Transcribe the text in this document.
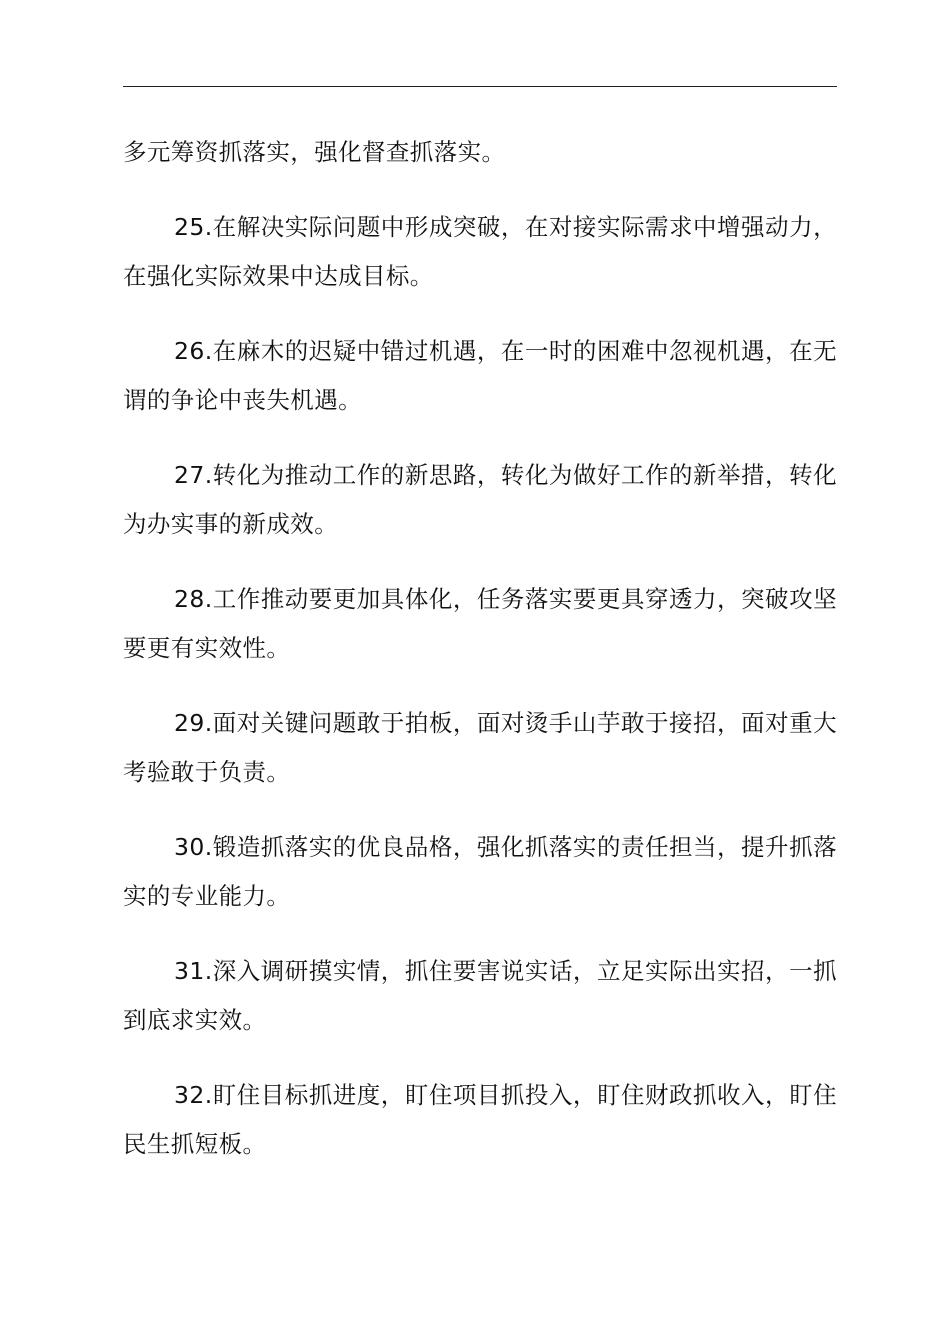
多元筹资抓落实，强化督查抓落实。

25.在解决实际问题中形成突破，在对接实际需求中增强动力，在强化实际效果中达成目标。

26.在麻木的迟疑中错过机遇，在一时的困难中忽视机遇，在无谓的争论中丧失机遇。

27.转化为推动工作的新思路，转化为做好工作的新举措，转化为办实事的新成效。

28.工作推动要更加具体化，任务落实要更具穿透力，突破攻坚要更有实效性。

29.面对关键问题敢于拍板，面对烫手山芋敢于接招，面对重大考验敢于负责。

30.锻造抓落实的优良品格，强化抓落实的责任担当，提升抓落实的专业能力。

31.深入调研摸实情，抓住要害说实话，立足实际出实招，一抓到底求实效。

32.盯住目标抓进度，盯住项目抓投入，盯住财政抓收入，盯住民生抓短板。
